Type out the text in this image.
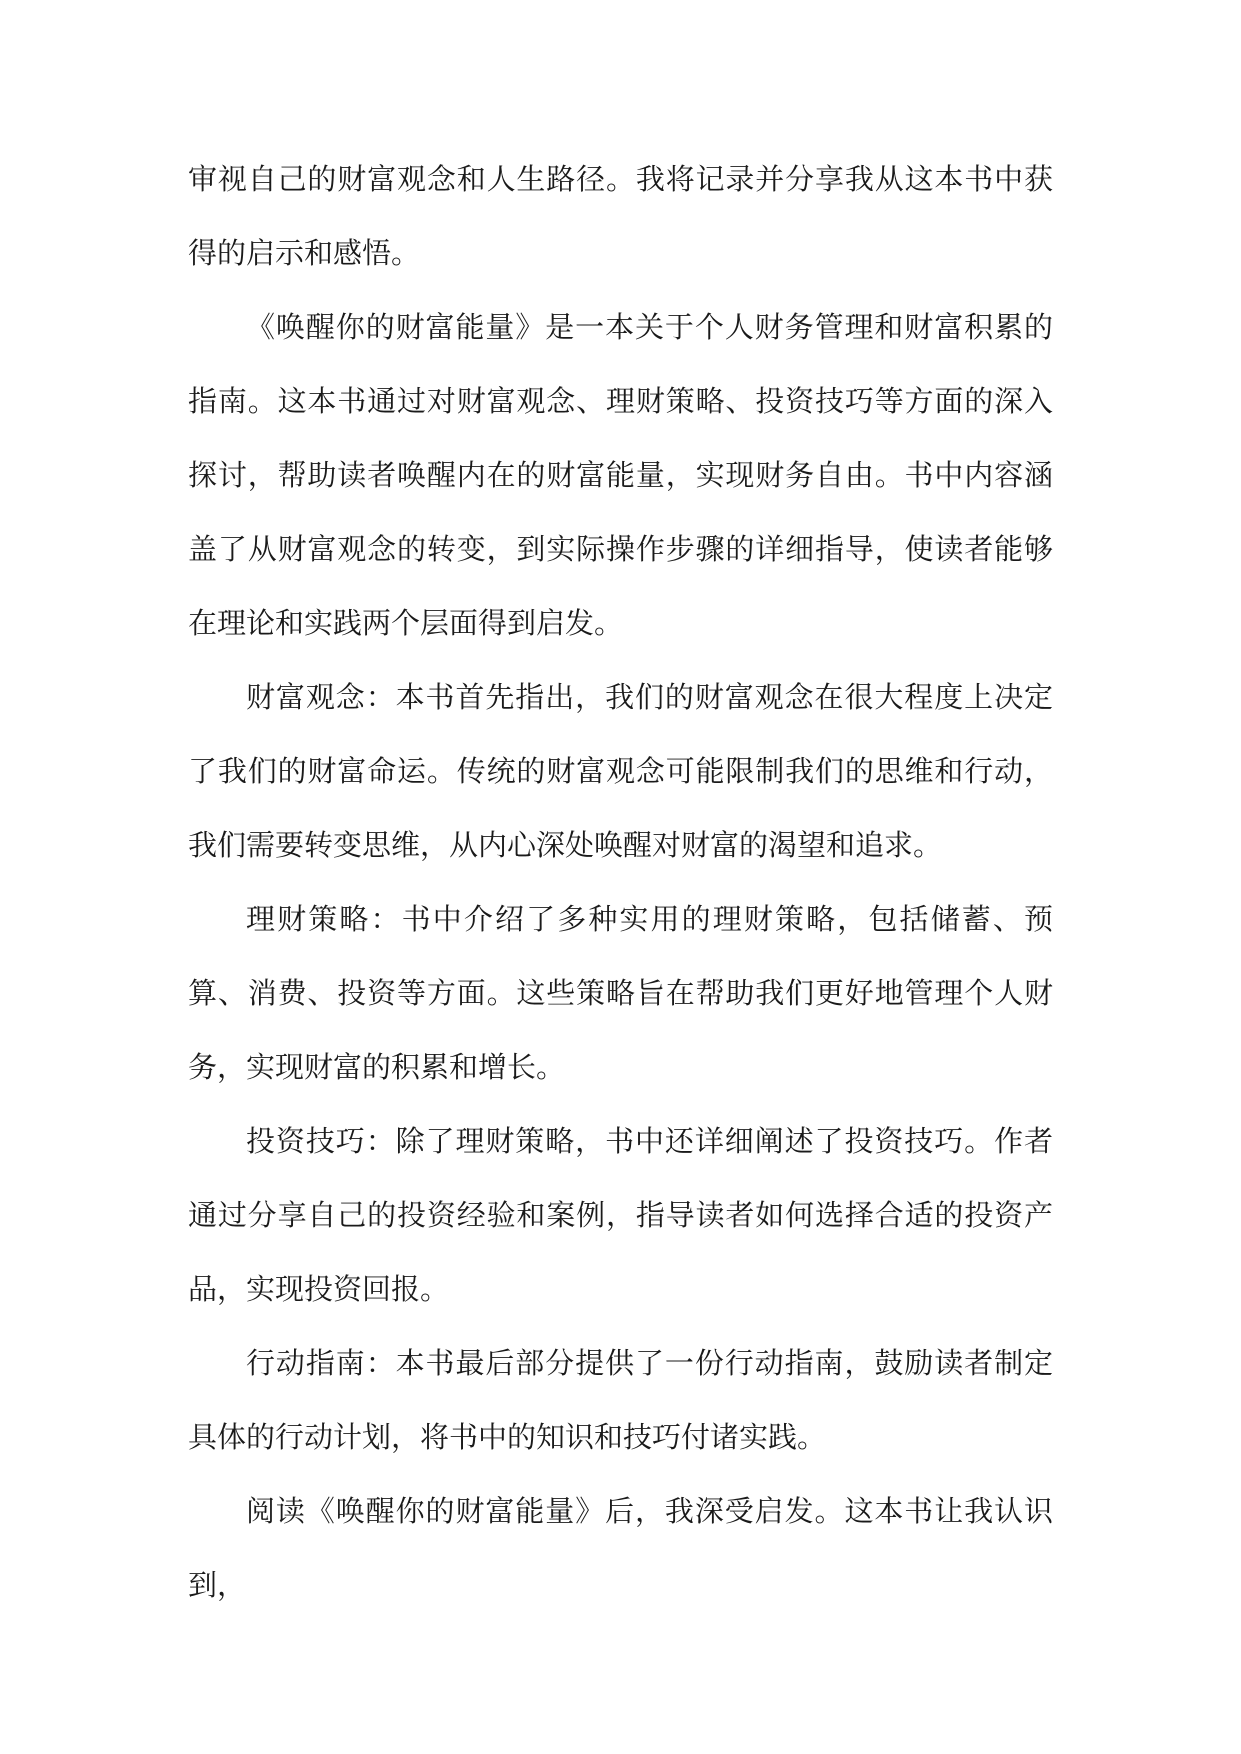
审视自己的财富观念和人生路径。我将记录并分享我从这本书中获得的启示和感悟。

《唤醒你的财富能量》是一本关于个人财务管理和财富积累的指南。这本书通过对财富观念、理财策略、投资技巧等方面的深入探讨，帮助读者唤醒内在的财富能量，实现财务自由。书中内容涵盖了从财富观念的转变，到实际操作步骤的详细指导，使读者能够在理论和实践两个层面得到启发。

财富观念：本书首先指出，我们的财富观念在很大程度上决定了我们的财富命运。传统的财富观念可能限制我们的思维和行动，我们需要转变思维，从内心深处唤醒对财富的渴望和追求。

理财策略：书中介绍了多种实用的理财策略，包括储蓄、预算、消费、投资等方面。这些策略旨在帮助我们更好地管理个人财务，实现财富的积累和增长。

投资技巧：除了理财策略，书中还详细阐述了投资技巧。作者通过分享自己的投资经验和案例，指导读者如何选择合适的投资产品，实现投资回报。

行动指南：本书最后部分提供了一份行动指南，鼓励读者制定具体的行动计划，将书中的知识和技巧付诸实践。

阅读《唤醒你的财富能量》后，我深受启发。这本书让我认识到，
